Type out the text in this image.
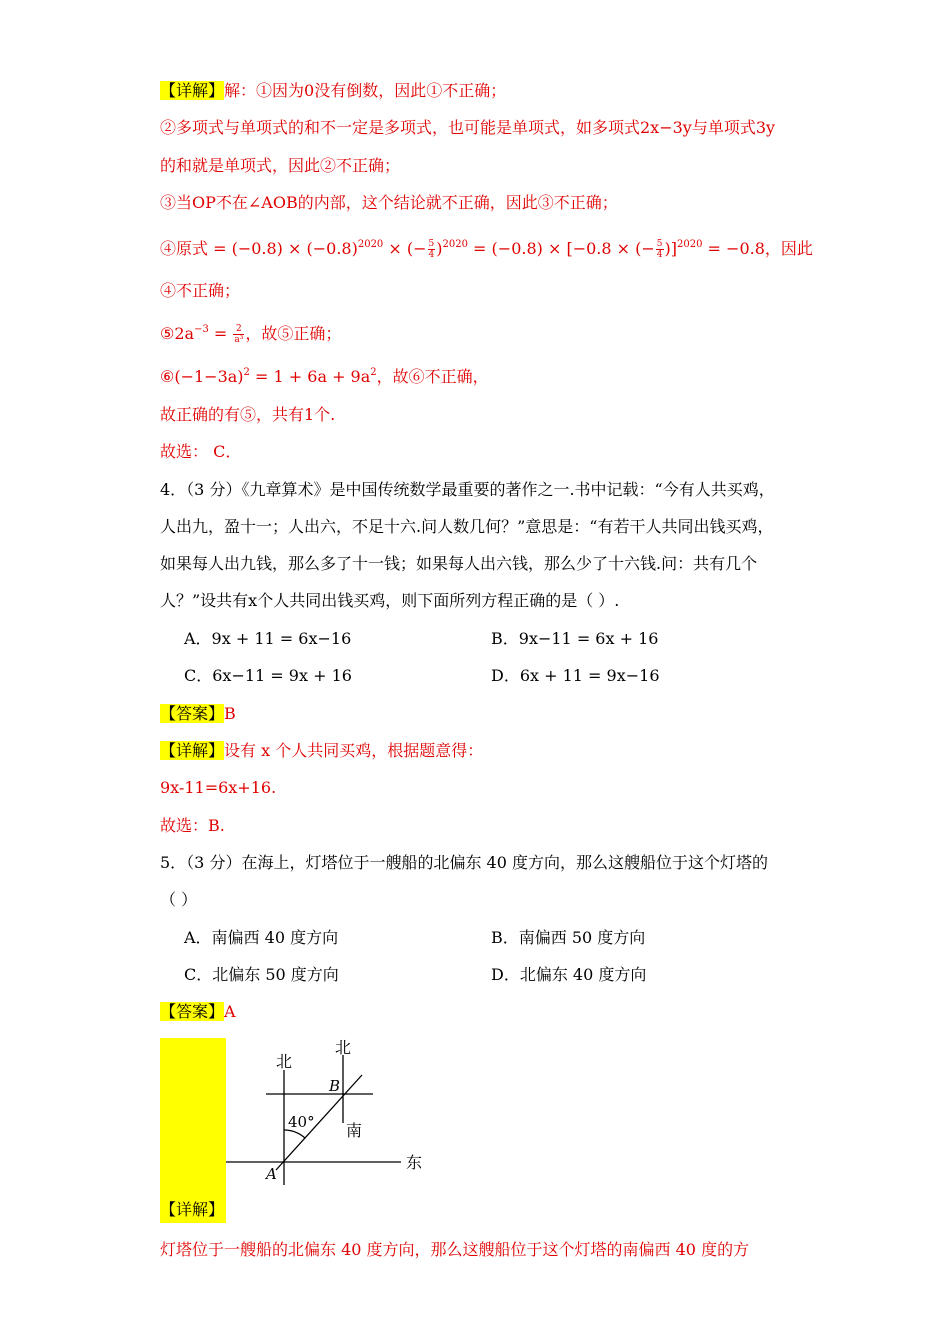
【详解】解：①因为0没有倒数，因此①不正确；
②多项式与单项式的和不一定是多项式，也可能是单项式，如多项式2x−3y与单项式3y
的和就是单项式，因此②不正确；
③当OP不在∠AOB的内部，这个结论就不正确，因此③不正确；
④原式 = $(-0.8) \times (-0.8)^{2020}$ × (− $\frac{5}{4} )^{2020} = (-0.8) \times [-0.8$ × (− $\frac{5}{4} )]^{2020} = -0.8$，因此
④不正确；
$⑤2a^{-3} = \frac{2}{\text{a³}}$ ，故⑤正确；
$⑥(-1-3a)^2 = 1 + 6a + 9a^2$，故⑥不正确，
故正确的有⑤，共有1个.
故选： C．
4．（3 分）《九章算术》是中国传统数学最重要的著作之一.书中记载：“今有人共买鸡，
人出九，盈十一；人出六，不足十六.问人数几何？”意思是：“有若干人共同出钱买鸡，
如果每人出九钱，那么多了十一钱；如果每人出六钱，那么少了十六钱.问：共有几个
人？”设共有x个人共同出钱买鸡，则下面所列方程正确的是（ ）.
A．9x + 11 = 6x−16	B．9x−11 = 6x + 16
C．6x−11 = 9x + 16	D．6x + 11 = 9x−16
【答案】B
【详解】设有 x 个人共同买鸡，根据题意得：
9x-11=6x+16.
故选：B.
5．（3 分）在海上，灯塔位于一艘船的北偏东 40 度方向，那么这艘船位于这个灯塔的
（ ）
A．南偏西 40 度方向	B．南偏西 50 度方向
C．北偏东 50 度方向	D．北偏东 40 度方向
【答案】A
【详解】
北
北
东
南
B
A
40°
灯塔位于一艘船的北偏东 40 度方向，那么这艘船位于这个灯塔的南偏西 40 度的方
